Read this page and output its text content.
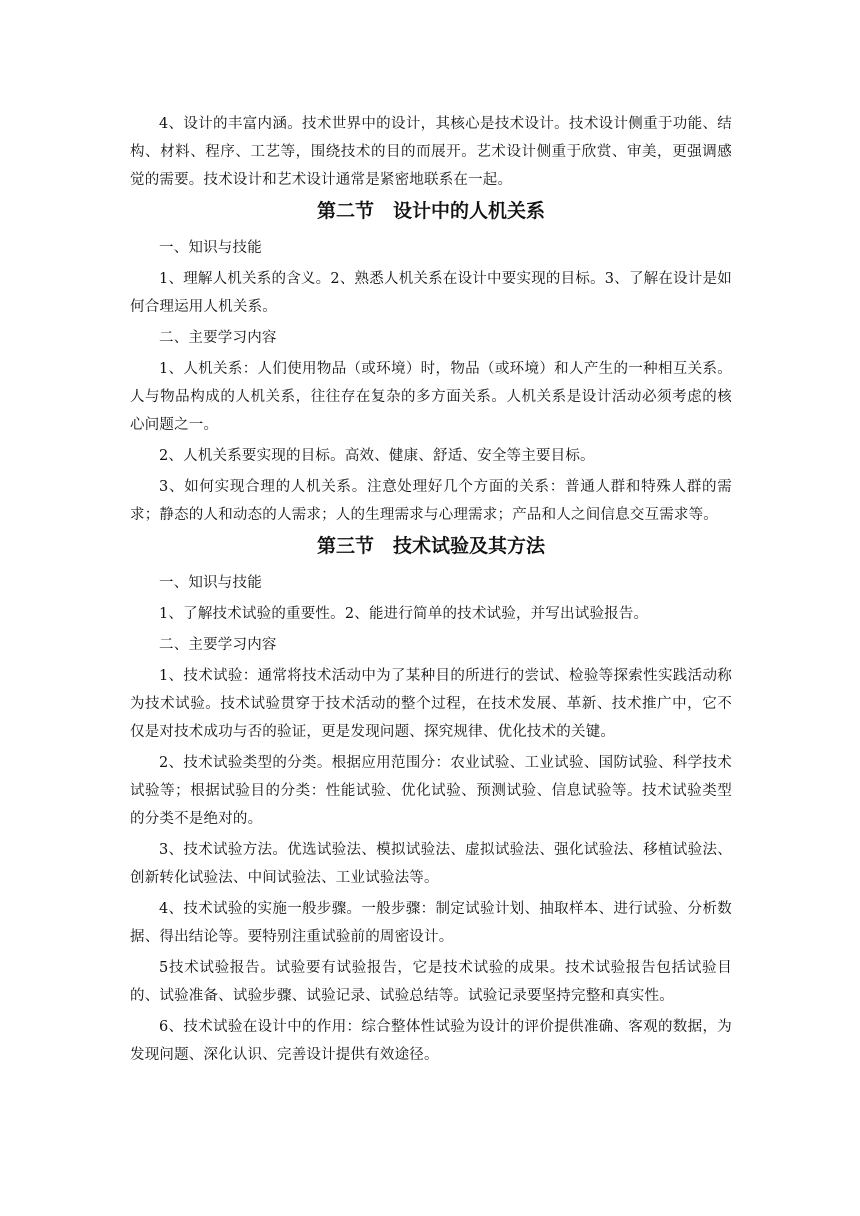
4、设计的丰富内涵。技术世界中的设计，其核心是技术设计。技术设计侧重于功能、结构、材料、程序、工艺等，围绕技术的目的而展开。艺术设计侧重于欣赏、审美，更强调感觉的需要。技术设计和艺术设计通常是紧密地联系在一起。

第二节　设计中的人机关系

一、知识与技能

1、理解人机关系的含义。2、熟悉人机关系在设计中要实现的目标。3、了解在设计是如何合理运用人机关系。

二、主要学习内容

1、人机关系：人们使用物品（或环境）时，物品（或环境）和人产生的一种相互关系。人与物品构成的人机关系，往往存在复杂的多方面关系。人机关系是设计活动必须考虑的核心问题之一。

2、人机关系要实现的目标。高效、健康、舒适、安全等主要目标。

3、如何实现合理的人机关系。注意处理好几个方面的关系：普通人群和特殊人群的需求；静态的人和动态的人需求；人的生理需求与心理需求；产品和人之间信息交互需求等。

第三节　技术试验及其方法

一、知识与技能

1、了解技术试验的重要性。2、能进行简单的技术试验，并写出试验报告。

二、主要学习内容

1、技术试验：通常将技术活动中为了某种目的所进行的尝试、检验等探索性实践活动称为技术试验。技术试验贯穿于技术活动的整个过程，在技术发展、革新、技术推广中，它不仅是对技术成功与否的验证，更是发现问题、探究规律、优化技术的关键。

2、技术试验类型的分类。根据应用范围分：农业试验、工业试验、国防试验、科学技术试验等；根据试验目的分类：性能试验、优化试验、预测试验、信息试验等。技术试验类型的分类不是绝对的。

3、技术试验方法。优选试验法、模拟试验法、虚拟试验法、强化试验法、移植试验法、创新转化试验法、中间试验法、工业试验法等。

4、技术试验的实施一般步骤。一般步骤：制定试验计划、抽取样本、进行试验、分析数据、得出结论等。要特别注重试验前的周密设计。

5技术试验报告。试验要有试验报告，它是技术试验的成果。技术试验报告包括试验目的、试验准备、试验步骤、试验记录、试验总结等。试验记录要坚持完整和真实性。

6、技术试验在设计中的作用：综合整体性试验为设计的评价提供准确、客观的数据，为发现问题、深化认识、完善设计提供有效途径。
